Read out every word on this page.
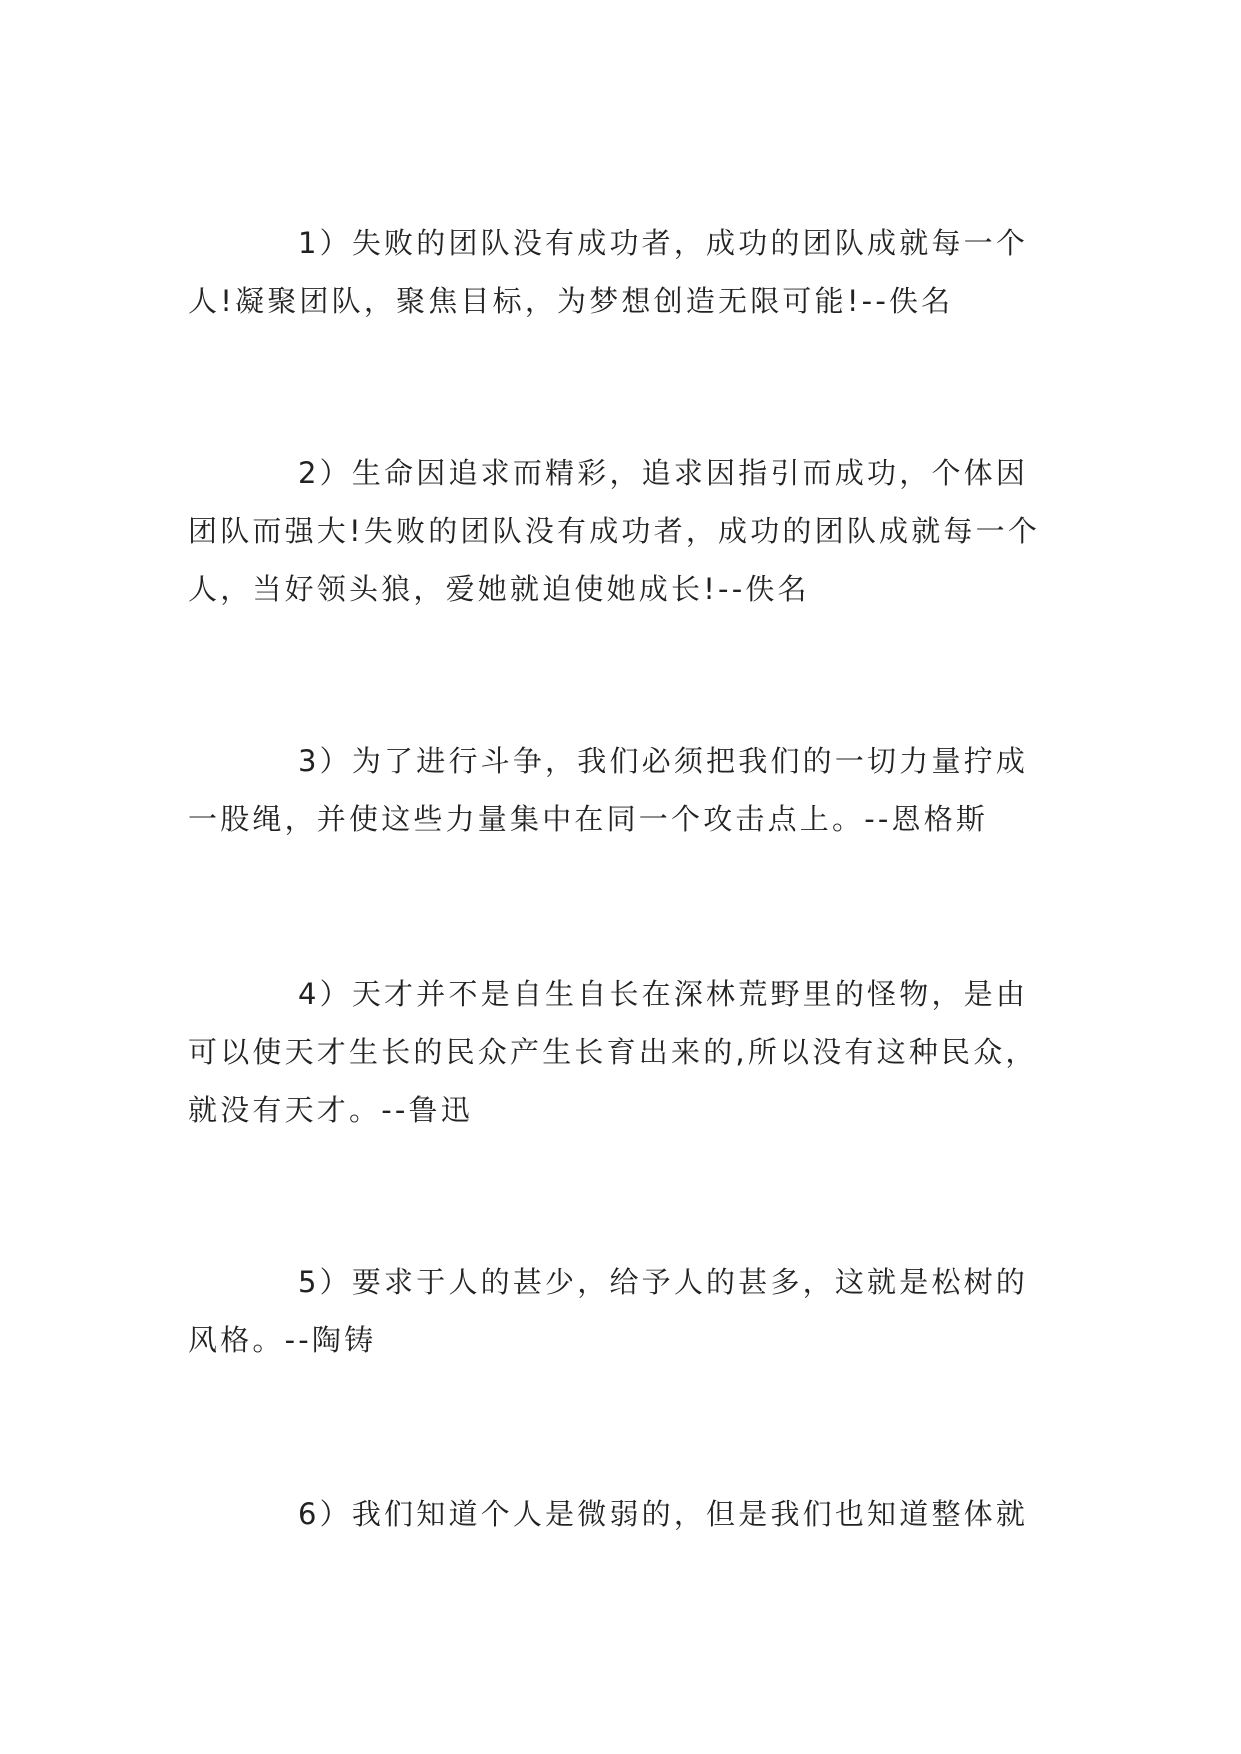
1）失败的团队没有成功者，成功的团队成就每一个人!凝聚团队，聚焦目标，为梦想创造无限可能!--佚名

2）生命因追求而精彩，追求因指引而成功，个体因团队而强大!失败的团队没有成功者，成功的团队成就每一个人，当好领头狼，爱她就迫使她成长!--佚名

3）为了进行斗争，我们必须把我们的一切力量拧成一股绳，并使这些力量集中在同一个攻击点上。--恩格斯

4）天才并不是自生自长在深林荒野里的怪物，是由可以使天才生长的民众产生长育出来的,所以没有这种民众，就没有天才。--鲁迅

5）要求于人的甚少，给予人的甚多，这就是松树的风格。--陶铸

6）我们知道个人是微弱的，但是我们也知道整体就
